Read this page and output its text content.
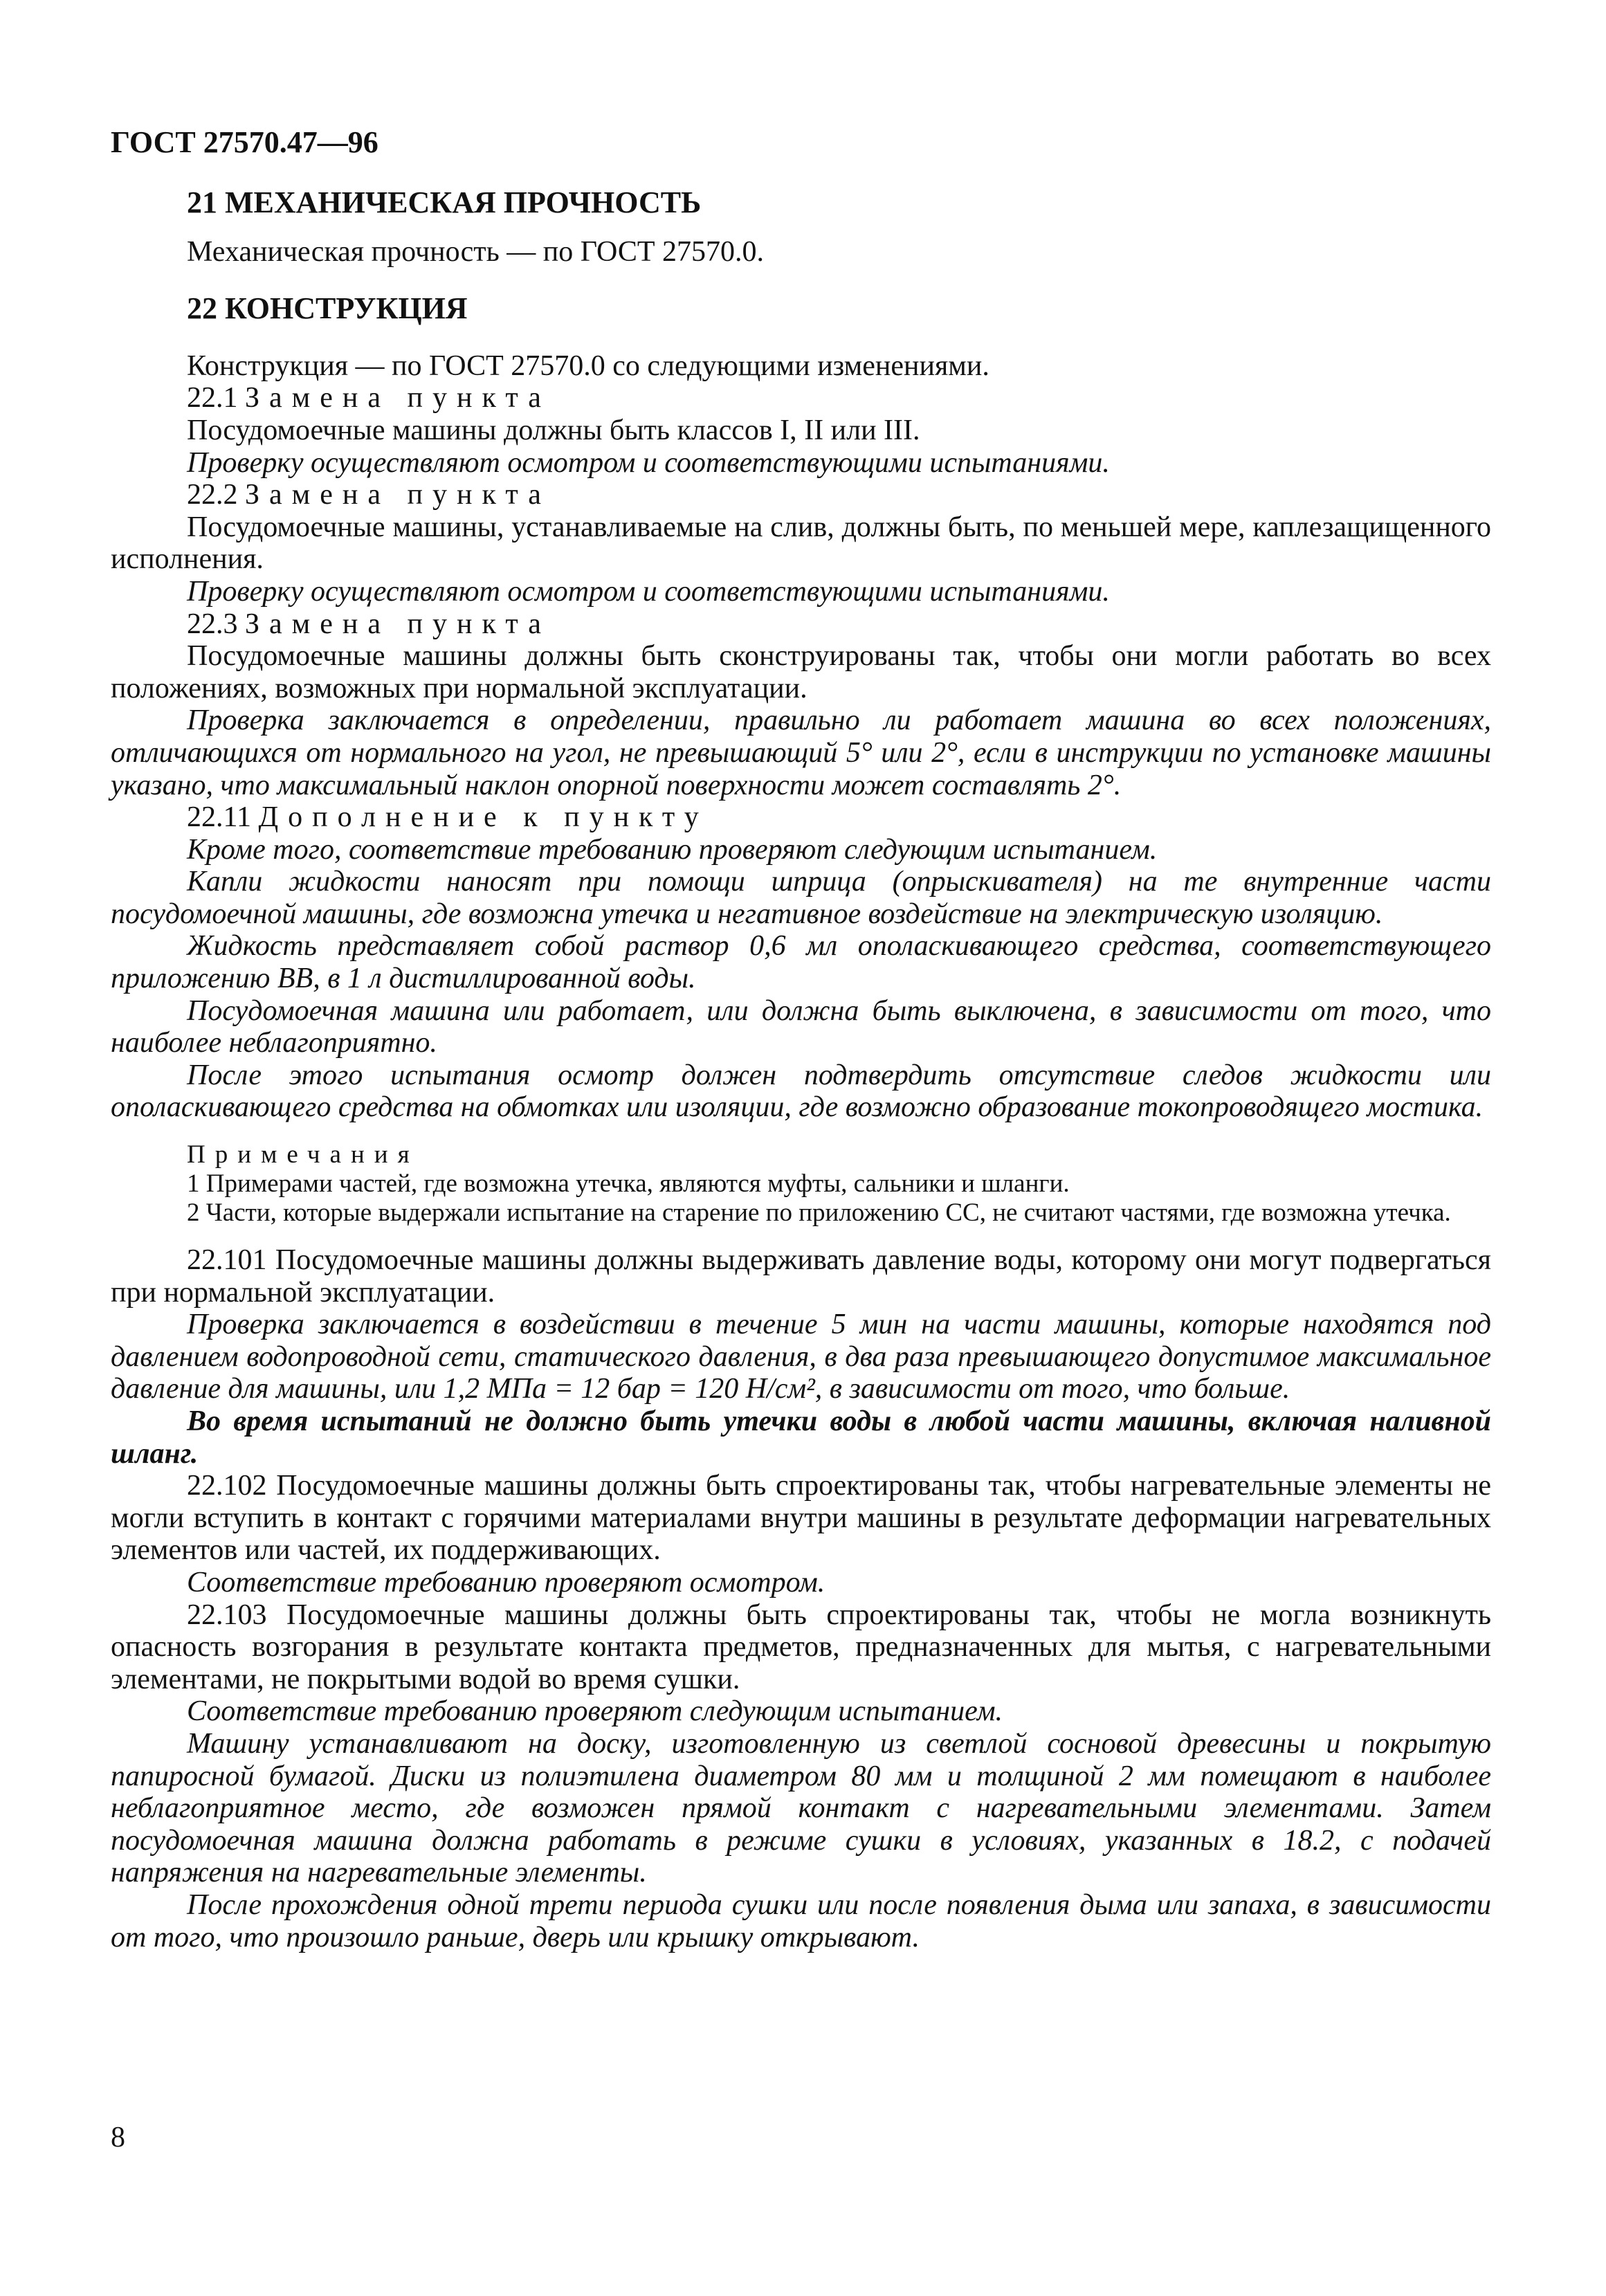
ГОСТ 27570.47—96

21 МЕХАНИЧЕСКАЯ ПРОЧНОСТЬ

Механическая прочность — по ГОСТ 27570.0.

22 КОНСТРУКЦИЯ

Конструкция — по ГОСТ 27570.0 со следующими изменениями.

22.1 Замена пункта

Посудомоечные машины должны быть классов I, II или III.

Проверку осуществляют осмотром и соответствующими испытаниями.

22.2 Замена пункта

Посудомоечные машины, устанавливаемые на слив, должны быть, по меньшей мере, каплезащищенного исполнения.

Проверку осуществляют осмотром и соответствующими испытаниями.

22.3 Замена пункта

Посудомоечные машины должны быть сконструированы так, чтобы они могли работать во всех положениях, возможных при нормальной эксплуатации.

Проверка заключается в определении, правильно ли работает машина во всех положениях, отличающихся от нормального на угол, не превышающий 5° или 2°, если в инструкции по установке машины указано, что максимальный наклон опорной поверхности может составлять 2°.

22.11 Дополнение к пункту

Кроме того, соответствие требованию проверяют следующим испытанием.

Капли жидкости наносят при помощи шприца (опрыскивателя) на те внутренние части посудомоечной машины, где возможна утечка и негативное воздействие на электрическую изоляцию.

Жидкость представляет собой раствор 0,6 мл ополаскивающего средства, соответствующего приложению ВВ, в 1 л дистиллированной воды.

Посудомоечная машина или работает, или должна быть выключена, в зависимости от того, что наиболее неблагоприятно.

После этого испытания осмотр должен подтвердить отсутствие следов жидкости или ополаскивающего средства на обмотках или изоляции, где возможно образование токопроводящего мостика.

Примечания

1 Примерами частей, где возможна утечка, являются муфты, сальники и шланги.

2 Части, которые выдержали испытание на старение по приложению СС, не считают частями, где возможна утечка.

22.101 Посудомоечные машины должны выдерживать давление воды, которому они могут подвергаться при нормальной эксплуатации.

Проверка заключается в воздействии в течение 5 мин на части машины, которые находятся под давлением водопроводной сети, статического давления, в два раза превышающего допустимое максимальное давление для машины, или 1,2 МПа = 12 бар = 120 Н/см², в зависимости от того, что больше.

Во время испытаний не должно быть утечки воды в любой части машины, включая наливной шланг.

22.102 Посудомоечные машины должны быть спроектированы так, чтобы нагревательные элементы не могли вступить в контакт с горячими материалами внутри машины в результате деформации нагревательных элементов или частей, их поддерживающих.

Соответствие требованию проверяют осмотром.

22.103 Посудомоечные машины должны быть спроектированы так, чтобы не могла возникнуть опасность возгорания в результате контакта предметов, предназначенных для мытья, с нагревательными элементами, не покрытыми водой во время сушки.

Соответствие требованию проверяют следующим испытанием.

Машину устанавливают на доску, изготовленную из светлой сосновой древесины и покрытую папиросной бумагой. Диски из полиэтилена диаметром 80 мм и толщиной 2 мм помещают в наиболее неблагоприятное место, где возможен прямой контакт с нагревательными элементами. Затем посудомоечная машина должна работать в режиме сушки в условиях, указанных в 18.2, с подачей напряжения на нагревательные элементы.

После прохождения одной трети периода сушки или после появления дыма или запаха, в зависимости от того, что произошло раньше, дверь или крышку открывают.

8
